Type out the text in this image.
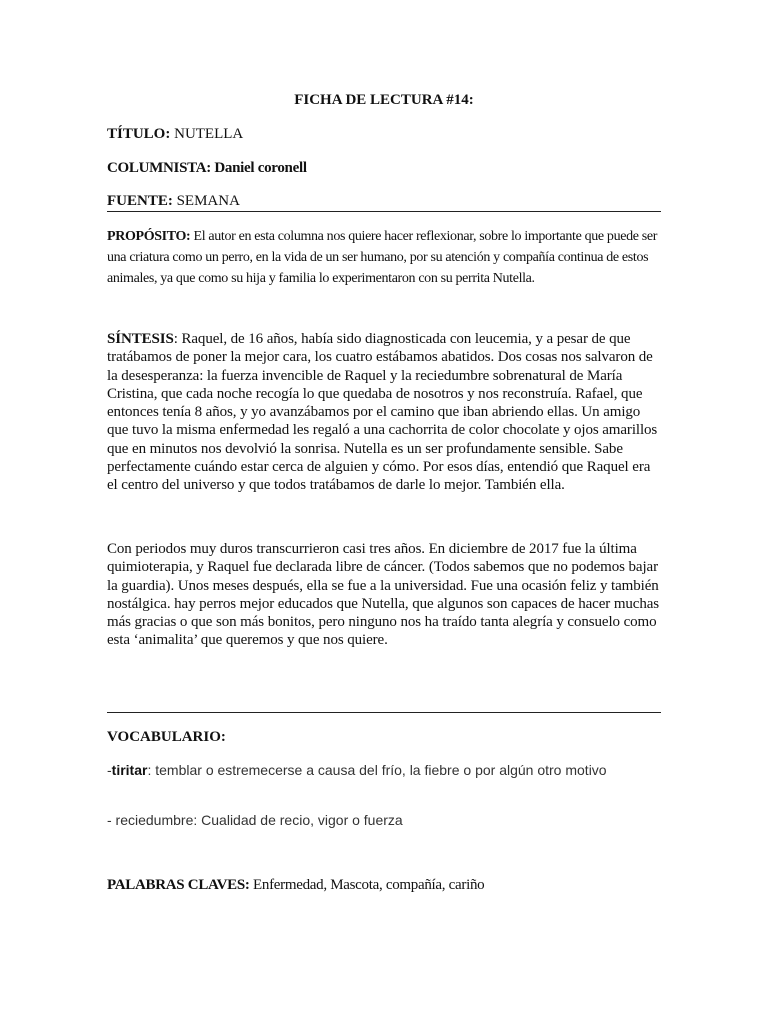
FICHA DE LECTURA #14:
TÍTULO: NUTELLA
COLUMNISTA: Daniel coronell
FUENTE: SEMANA
PROPÓSITO: El autor en esta columna nos quiere hacer reflexionar, sobre lo importante que puede ser una criatura como un perro, en la vida de un ser humano, por su atención y compañía continua de estos animales, ya que como su hija y familia lo experimentaron con su perrita Nutella.
SÍNTESIS: Raquel, de 16 años, había sido diagnosticada con leucemia, y a pesar de que tratábamos de poner la mejor cara, los cuatro estábamos abatidos. Dos cosas nos salvaron de la desesperanza: la fuerza invencible de Raquel y la reciedumbre sobrenatural de María Cristina, que cada noche recogía lo que quedaba de nosotros y nos reconstruía. Rafael, que entonces tenía 8 años, y yo avanzábamos por el camino que iban abriendo ellas. Un amigo que tuvo la misma enfermedad les regaló a una cachorrita de color chocolate y ojos amarillos que en minutos nos devolvió la sonrisa. Nutella es un ser profundamente sensible. Sabe perfectamente cuándo estar cerca de alguien y cómo. Por esos días, entendió que Raquel era el centro del universo y que todos tratábamos de darle lo mejor. También ella.
Con periodos muy duros transcurrieron casi tres años. En diciembre de 2017 fue la última quimioterapia, y Raquel fue declarada libre de cáncer. (Todos sabemos que no podemos bajar la guardia). Unos meses después, ella se fue a la universidad. Fue una ocasión feliz y también nostálgica. hay perros mejor educados que Nutella, que algunos son capaces de hacer muchas más gracias o que son más bonitos, pero ninguno nos ha traído tanta alegría y consuelo como esta ‘animalita’ que queremos y que nos quiere.
VOCABULARIO:
-tiritar: temblar o estremecerse a causa del frío, la fiebre o por algún otro motivo
- reciedumbre: Cualidad de recio, vigor o fuerza
PALABRAS CLAVES: Enfermedad, Mascota, compañía, cariño
